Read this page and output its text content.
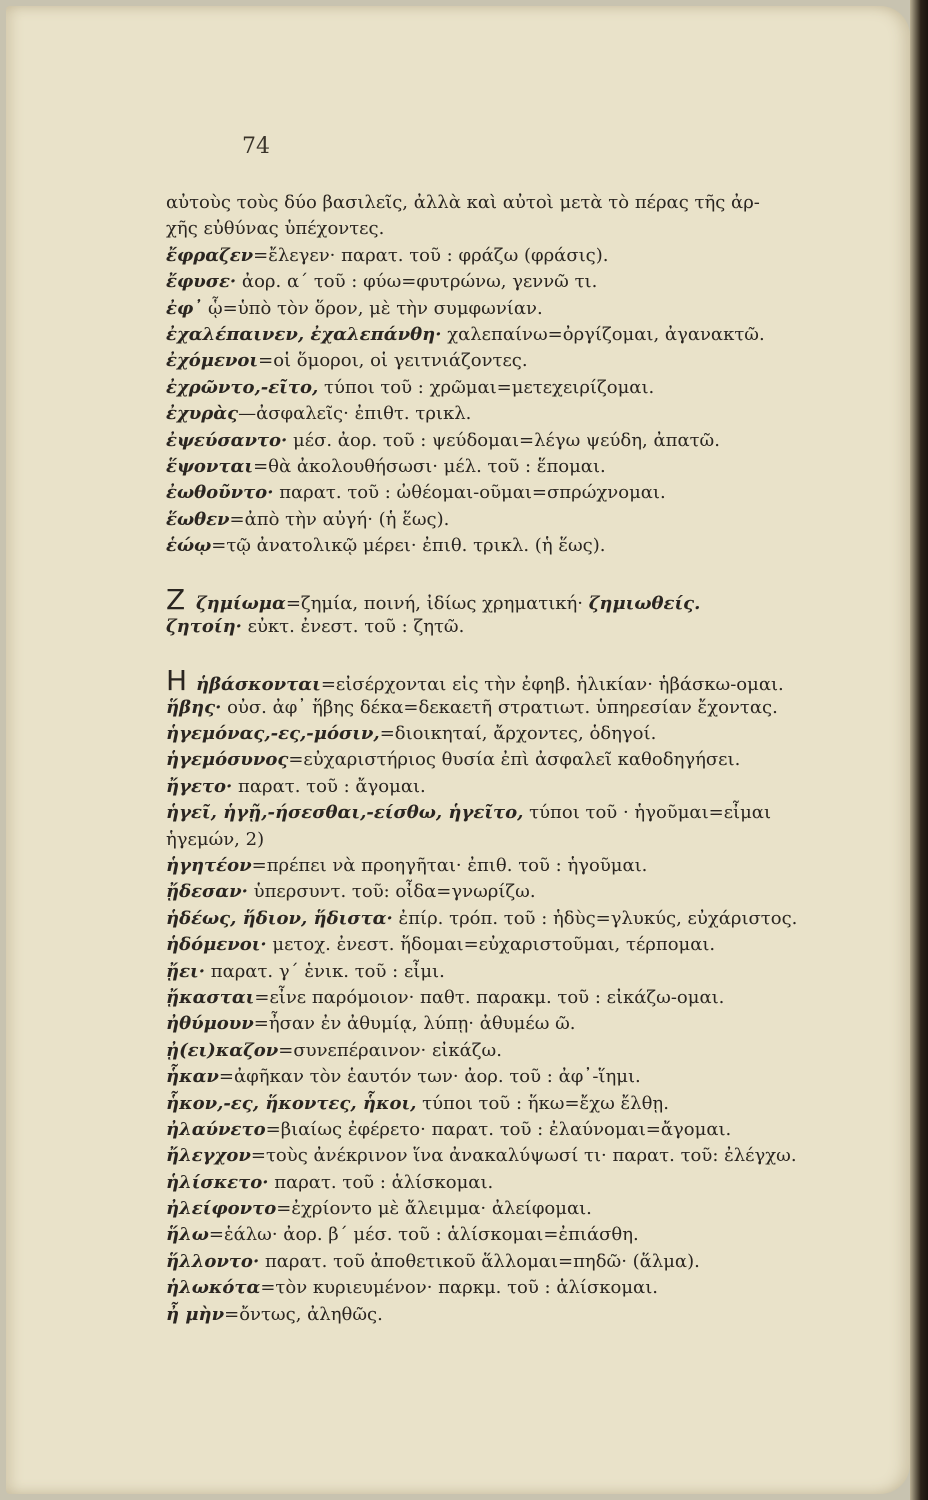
74
αὐτοὺς τοὺς δύο βασιλεῖς, ἀλλὰ καὶ αὐτοὶ μετὰ τὸ πέρας τῆς ἀρ-
χῆς εὐθύνας ὑπέχοντες.
ἔφραζεν=ἔλεγεν· παρατ. τοῦ : φράζω (φράσις).
ἔφυσε· ἀορ. α΄ τοῦ : φύω=φυτρώνω, γεννῶ τι.
ἐφ᾽ ᾧ=ὑπὸ τὸν ὅρον, μὲ τὴν συμφωνίαν.
ἐχαλέπαινεν, ἐχαλεπάνθη· χαλεπαίνω=ὀργίζομαι, ἀγανακτῶ.
ἐχόμενοι=οἱ ὅμοροι, οἱ γειτνιάζοντες.
ἐχρῶντο,-εῖτο, τύποι τοῦ : χρῶμαι=μετεχειρίζομαι.
ἐχυρὰς—ἀσφαλεῖς· ἐπιθτ. τρικλ.
ἐψεύσαντο· μέσ. ἀορ. τοῦ : ψεύδομαι=λέγω ψεύδη, ἀπατῶ.
ἕψονται=θὰ ἀκολουθήσωσι· μέλ. τοῦ : ἕπομαι.
ἐωθοῦντο· παρατ. τοῦ : ὠθέομαι-οῦμαι=σπρώχνομαι.
ἕωθεν=ἀπὸ τὴν αὐγή· (ἡ ἕως).
ἑώῳ=τῷ ἀνατολικῷ μέρει· ἐπιθ. τρικλ. (ἡ ἕως).
Zζημίωμα=ζημία, ποινή, ἰδίως χρηματική· ζημιωθείς.
ζητοίη· εὐκτ. ἐνεστ. τοῦ : ζητῶ.
Hἡβάσκονται=εἰσέρχονται εἰς τὴν ἐφηβ. ἡλικίαν· ἡβάσκω-ομαι.
ἥβης· οὐσ. ἀφ᾽ ἥβης δέκα=δεκαετῆ στρατιωτ. ὑπηρεσίαν ἔχοντας.
ἡγεμόνας,-ες,-μόσιν,=διοικηταί, ἄρχοντες, ὁδηγοί.
ἡγεμόσυνος=εὐχαριστήριος θυσία ἐπὶ ἀσφαλεῖ καθοδηγήσει.
ἤγετο· παρατ. τοῦ : ἄγομαι.
ἡγεῖ, ἡγῇ,-ήσεσθαι,-είσθω, ἡγεῖτο, τύποι τοῦ · ἡγοῦμαι=εἶμαι
ἡγεμών, 2)
ἡγητέον=πρέπει νὰ προηγῆται· ἐπιθ. τοῦ : ἡγοῦμαι.
ᾔδεσαν· ὑπερσυντ. τοῦ: οἶδα=γνωρίζω.
ἡδέως, ἥδιον, ἥδιστα· ἐπίρ. τρόπ. τοῦ : ἡδὺς=γλυκύς, εὐχάριστος.
ἡδόμενοι· μετοχ. ἐνεστ. ἥδομαι=εὐχαριστοῦμαι, τέρπομαι.
ᾔει· παρατ. γ΄ ἑνικ. τοῦ : εἶμι.
ᾔκασται=εἶνε παρόμοιον· παθτ. παρακμ. τοῦ : εἰκάζω-ομαι.
ἠθύμουν=ἦσαν ἐν ἀθυμίᾳ, λύπῃ· ἀθυμέω ῶ.
ᾐ(ει)καζον=συνεπέραινον· εἰκάζω.
ἧκαν=ἀφῆκαν τὸν ἑαυτόν των· ἀορ. τοῦ : ἀφ᾽-ἵημι.
ἧκον,-ες, ἥκοντες, ἧκοι, τύποι τοῦ : ἥκω=ἔχω ἔλθῃ.
ἠλαύνετο=βιαίως ἐφέρετο· παρατ. τοῦ : ἐλαύνομαι=ἄγομαι.
ἤλεγχον=τοὺς ἀνέκρινον ἵνα ἀνακαλύψωσί τι· παρατ. τοῦ: ἐλέγχω.
ἡλίσκετο· παρατ. τοῦ : ἁλίσκομαι.
ἠλείφοντο=ἐχρίοντο μὲ ἄλειμμα· ἀλείφομαι.
ἥλω=ἑάλω· ἀορ. β΄ μέσ. τοῦ : ἁλίσκομαι=ἐπιάσθη.
ἥλλοντο· παρατ. τοῦ ἀποθετικοῦ ἅλλομαι=πηδῶ· (ἅλμα).
ἡλωκότα=τὸν κυριευμένον· παρκμ. τοῦ : ἁλίσκομαι.
ἦ μὴν=ὄντως, ἀληθῶς.
